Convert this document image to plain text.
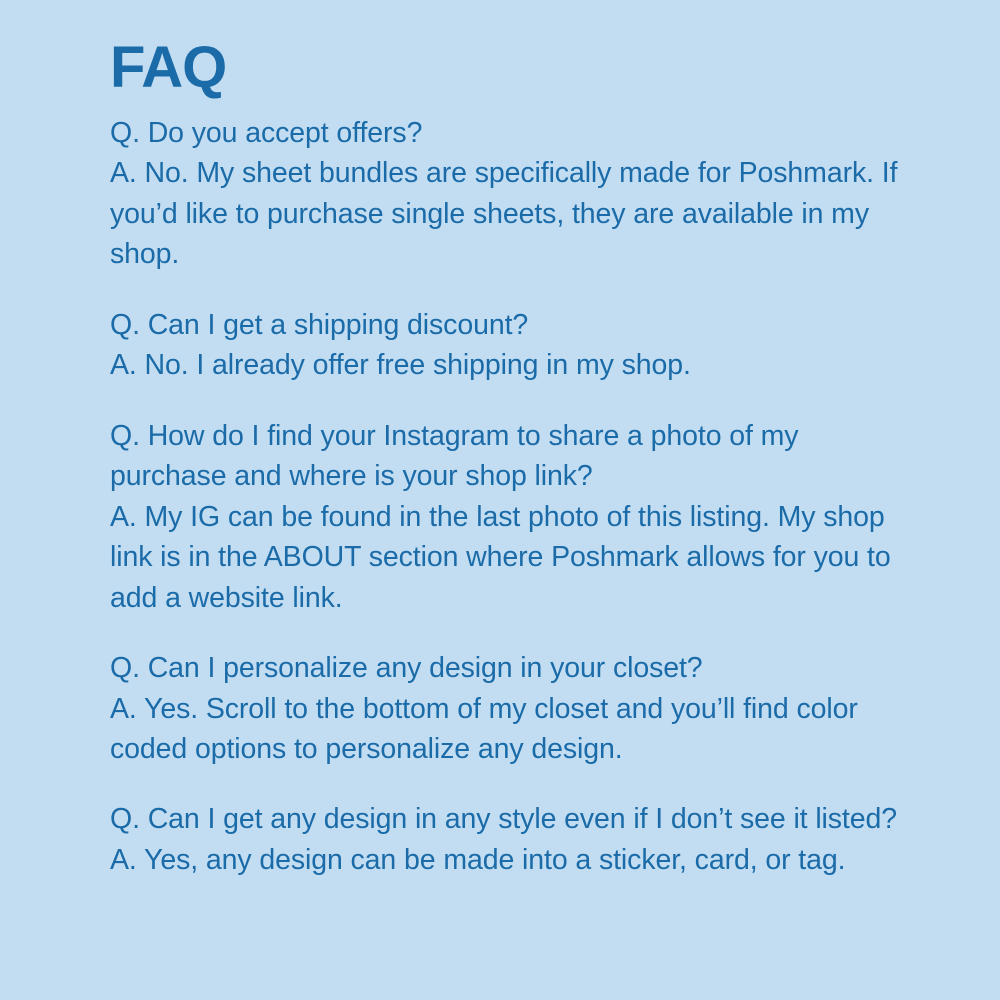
FAQ

Q. Do you accept offers?

A. No. My sheet bundles are specifically made for Poshmark. If you’d like to purchase single sheets, they are available in my shop.

Q. Can I get a shipping discount?

A. No. I already offer free shipping in my shop.

Q. How do I find your Instagram to share a photo of my purchase and where is your shop link?

A. My IG can be found in the last photo of this listing. My shop link is in the ABOUT section where Poshmark allows for you to add a website link.

Q. Can I personalize any design in your closet?

A. Yes. Scroll to the bottom of my closet and you’ll find color coded options to personalize any design.

Q. Can I get any design in any style even if I don’t see it listed?

A. Yes, any design can be made into a sticker, card, or tag.
